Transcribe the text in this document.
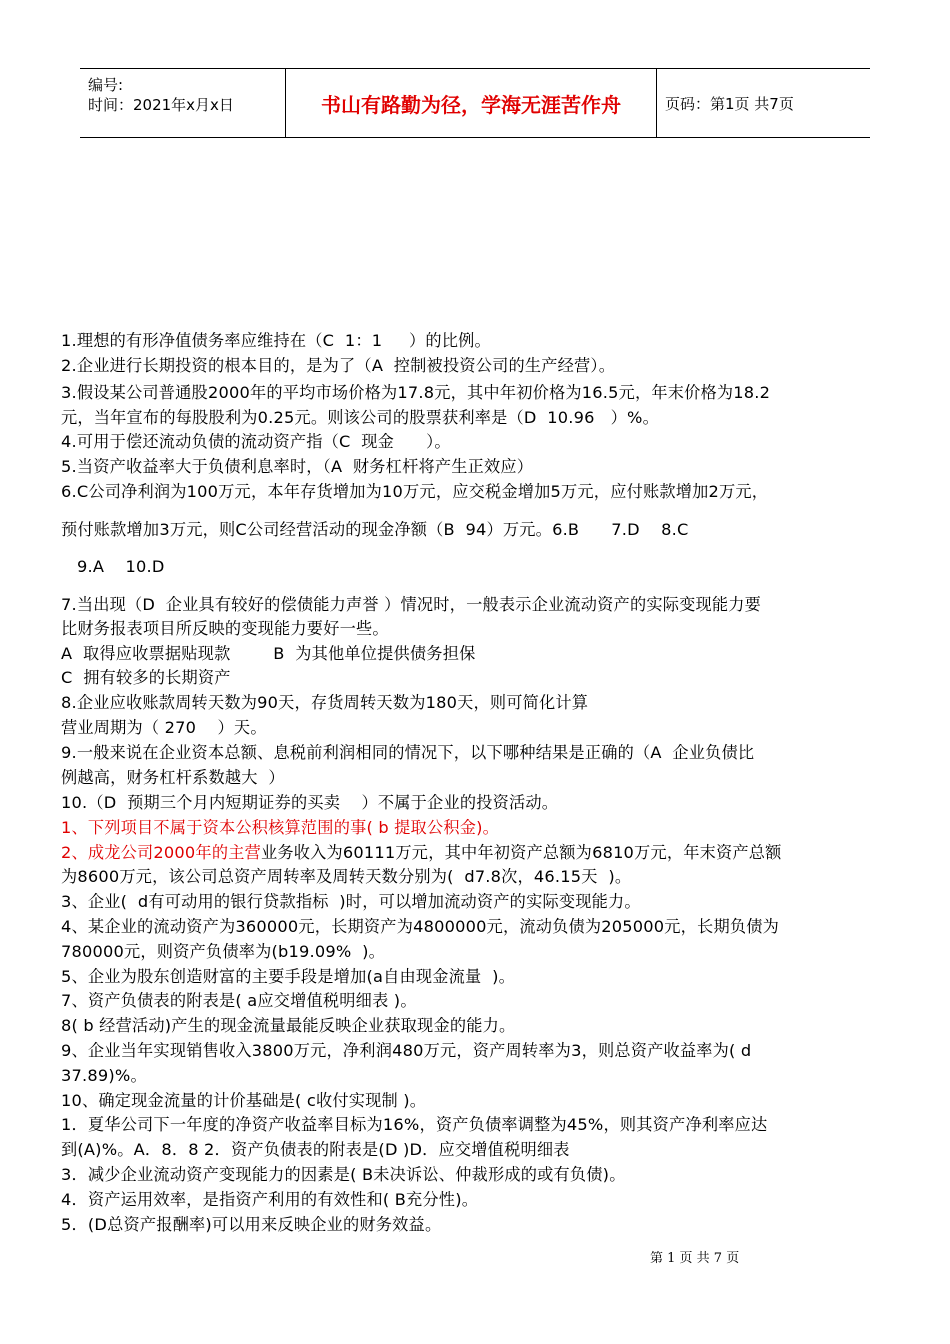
编号:
时间：2021年x月x日	书山有路勤为径，学海无涯苦作舟	页码：第1页 共7页
1.理想的有形净值债务率应维持在（C  1：1     ）的比例。
2.企业进行长期投资的根本目的，是为了（A  控制被投资公司的生产经营）。
3.假设某公司普通股2000年的平均市场价格为17.8元，其中年初价格为16.5元，年末价格为18.2
元，当年宣布的每股股利为0.25元。则该公司的股票获利率是（D  10.96   ）%。
4.可用于偿还流动负债的流动资产指（C  现金      ）。
5.当资产收益率大于负债利息率时，（A  财务杠杆将产生正效应）
6.C公司净利润为100万元，本年存货增加为10万元，应交税金增加5万元，应付账款增加2万元，
预付账款增加3万元，则C公司经营活动的现金净额（B  94）万元。6.B      7.D    8.C
9.A    10.D
7.当出现（D  企业具有较好的偿债能力声誉 ）情况时，一般表示企业流动资产的实际变现能力要
比财务报表项目所反映的变现能力要好一些。
A  取得应收票据贴现款        B  为其他单位提供债务担保
C  拥有较多的长期资产
8.企业应收账款周转天数为90天，存货周转天数为180天，则可简化计算
营业周期为（ 270    ）天。
9.一般来说在企业资本总额、息税前利润相同的情况下，以下哪种结果是正确的（A  企业负债比
例越高，财务杠杆系数越大  ）
10.（D  预期三个月内短期证券的买卖    ）不属于企业的投资活动。
1、下列项目不属于资本公积核算范围的事( b 提取公积金)。
2、成龙公司2000年的主营业务收入为60111万元，其中年初资产总额为6810万元，年末资产总额
为8600万元，该公司总资产周转率及周转天数分别为(  d7.8次，46.15天  )。
3、企业(  d有可动用的银行贷款指标  )时，可以增加流动资产的实际变现能力。
4、某企业的流动资产为360000元，长期资产为4800000元，流动负债为205000元，长期负债为
780000元，则资产负债率为(b19.09%  )。
5、企业为股东创造财富的主要手段是增加(a自由现金流量  )。
7、资产负债表的附表是( a应交增值税明细表 )。
8( b 经营活动)产生的现金流量最能反映企业获取现金的能力。
9、企业当年实现销售收入3800万元，净利润480万元，资产周转率为3，则总资产收益率为( d
37.89)%。
10、确定现金流量的计价基础是( c收付实现制 )。
1．夏华公司下一年度的净资产收益率目标为16%，资产负债率调整为45%，则其资产净利率应达
到(A)%。A．8．8 2．资产负债表的附表是(D )D．应交增值税明细表
3．减少企业流动资产变现能力的因素是( B未决诉讼、仲裁形成的或有负债)。
4．资产运用效率，是指资产利用的有效性和( B充分性)。
5．(D总资产报酬率)可以用来反映企业的财务效益。
第 1 页 共 7 页
